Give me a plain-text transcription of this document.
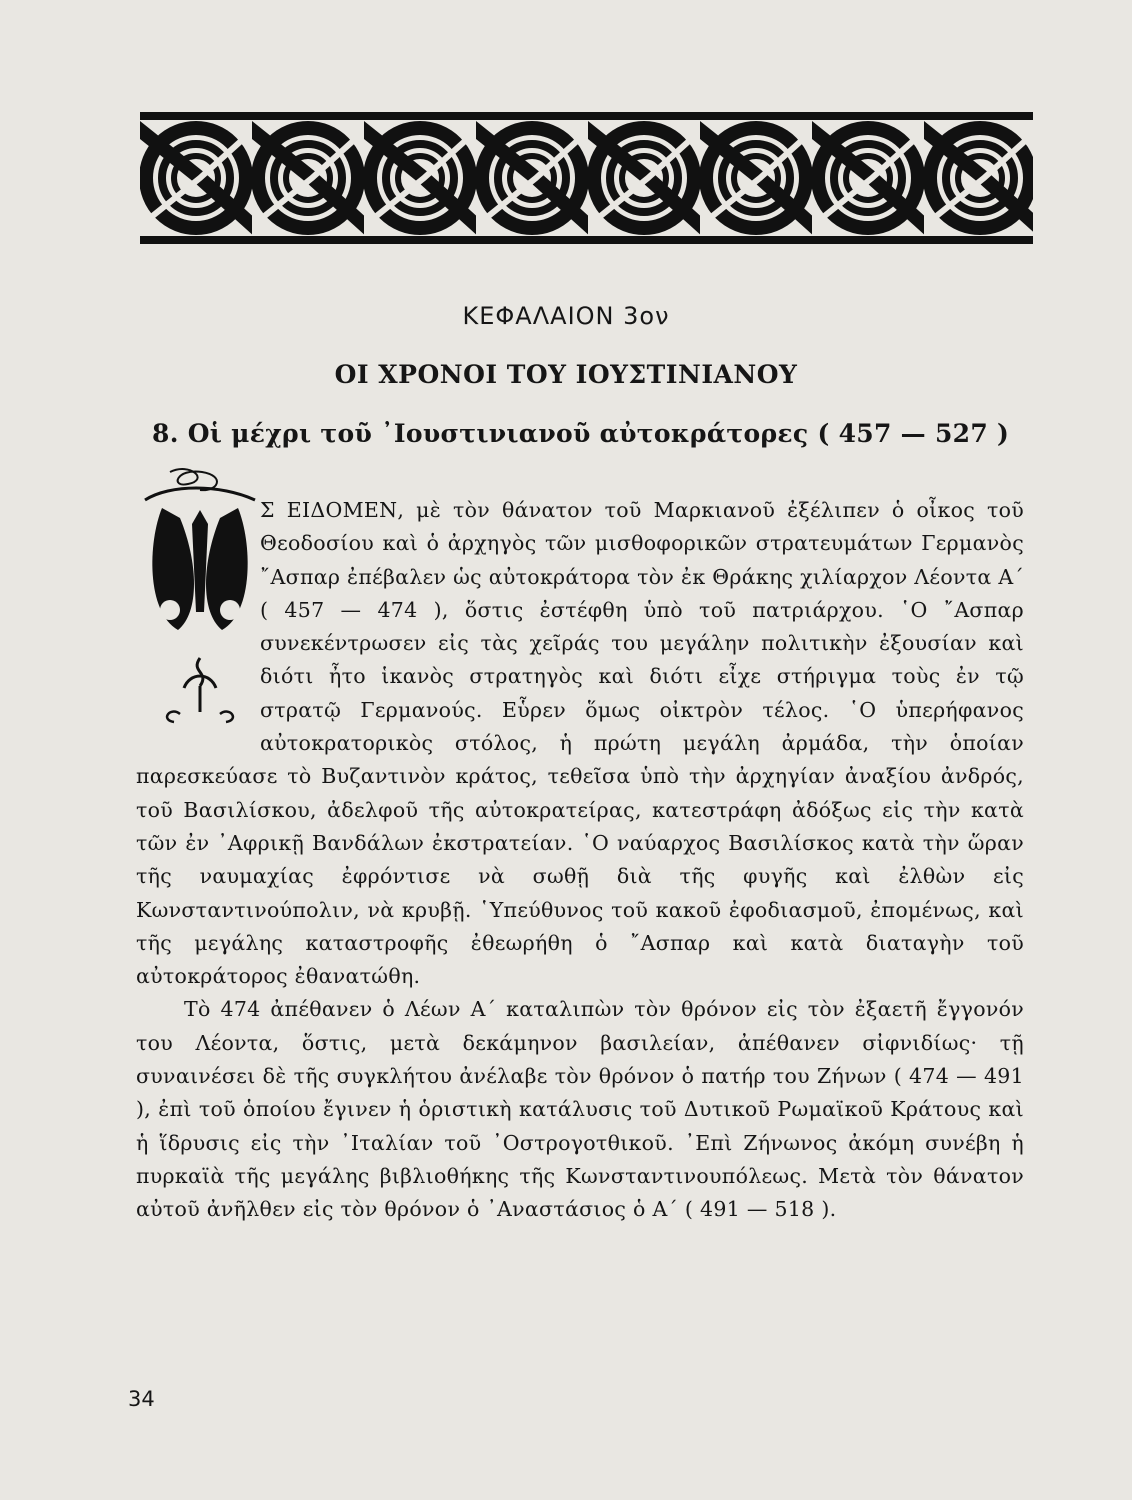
ΚΕΦΑΛΑΙΟΝ 3ον
ΟΙ ΧΡΟΝΟΙ ΤΟΥ ΙΟΥΣΤΙΝΙΑΝΟΥ
8. Οἱ μέχρι τοῦ ᾿Ιουστινιανοῦ αὐτοκράτορες ( 457 — 527 )

Σ ΕΙΔΟΜΕΝ, μὲ τὸν θάνατον τοῦ Μαρκιανοῦ ἐξέλιπεν ὁ οἶκος τοῦ Θεοδοσίου καὶ ὁ ἀρχηγὸς τῶν μισθοφορικῶν στρατευμάτων Γερμανὸς ῎Ασπαρ ἐπέβαλεν ὡς αὐτοκράτορα τὸν ἐκ Θράκης χιλίαρχον Λέοντα Α΄ ( 457 — 474 ), ὅστις ἐστέφθη ὑπὸ τοῦ πατριάρχου. ῾Ο ῎Ασπαρ συνεκέντρωσεν εἰς τὰς χεῖράς του μεγάλην πολιτικὴν ἐξουσίαν καὶ διότι ἦτο ἱκανὸς στρατηγὸς καὶ διότι εἶχε στήριγμα τοὺς ἐν τῷ στρατῷ Γερμανούς. Εὗρεν ὅμως οἰκτρὸν τέλος. ῾Ο ὑπερήφανος αὐτοκρατορικὸς στόλος, ἡ πρώτη μεγάλη ἀρμάδα, τὴν ὁποίαν παρεσκεύασε τὸ Βυζαντινὸν κράτος, τεθεῖσα ὑπὸ τὴν ἀρχηγίαν ἀναξίου ἀνδρός, τοῦ Βασιλίσκου, ἀδελφοῦ τῆς αὐτοκρατείρας, κατεστράφη ἀδόξως εἰς τὴν κατὰ τῶν ἐν ᾿Αφρικῇ Βανδάλων ἐκστρατείαν. ῾Ο ναύαρχος Βασιλίσκος κατὰ τὴν ὥραν τῆς ναυμαχίας ἐφρόντισε νὰ σωθῇ διὰ τῆς φυγῆς καὶ ἐλθὼν εἰς Κωνσταντινούπολιν, νὰ κρυβῇ. ῾Υπεύθυνος τοῦ κακοῦ ἐφοδιασμοῦ, ἐπομένως, καὶ τῆς μεγάλης καταστροφῆς ἐθεωρήθη ὁ ῎Ασπαρ καὶ κατὰ διαταγὴν τοῦ αὐτοκράτορος ἐθανατώθη.

Τὸ 474 ἀπέθανεν ὁ Λέων Α΄ καταλιπὼν τὸν θρόνον εἰς τὸν ἐξαετῆ ἔγγονόν του Λέοντα, ὅστις, μετὰ δεκάμηνον βασιλείαν, ἀπέθανεν σἰφνιδίως· τῇ συναινέσει δὲ τῆς συγκλήτου ἀνέλαβε τὸν θρόνον ὁ πατήρ του Ζήνων ( 474 — 491 ), ἐπὶ τοῦ ὁποίου ἔγινεν ἡ ὁριστικὴ κατάλυσις τοῦ Δυτικοῦ Ρωμαϊκοῦ Κράτους καὶ ἡ ἵδρυσις εἰς τὴν ᾿Ιταλίαν τοῦ ᾿Οστρογοτθικοῦ. ᾿Επὶ Ζήνωνος ἀκόμη συνέβη ἡ πυρκαϊὰ τῆς μεγάλης βιβλιοθήκης τῆς Κωνσταντινουπόλεως. Μετὰ τὸν θάνατον αὐτοῦ ἀνῆλθεν εἰς τὸν θρόνον ὁ ᾿Αναστάσιος ὁ Α΄ ( 491 — 518 ).

34
